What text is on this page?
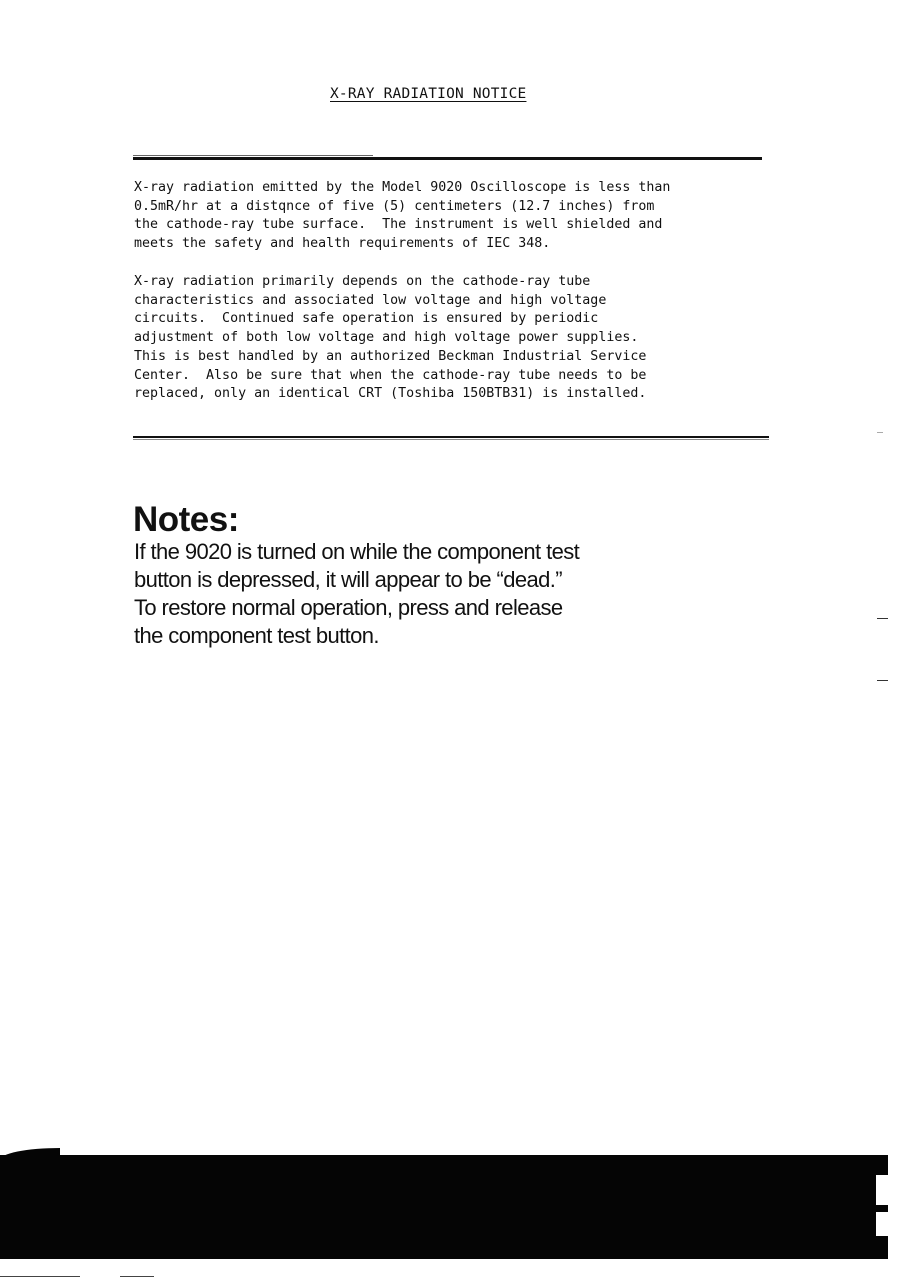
X-RAY RADIATION NOTICE

X-ray radiation emitted by the Model 9020 Oscilloscope is less than
0.5mR/hr at a distqnce of five (5) centimeters (12.7 inches) from
the cathode-ray tube surface.  The instrument is well shielded and
meets the safety and health requirements of IEC 348.

X-ray radiation primarily depends on the cathode-ray tube
characteristics and associated low voltage and high voltage
circuits.  Continued safe operation is ensured by periodic
adjustment of both low voltage and high voltage power supplies.
This is best handled by an authorized Beckman Industrial Service
Center.  Also be sure that when the cathode-ray tube needs to be
replaced, only an identical CRT (Toshiba 150BTB31) is installed.

Notes:
If the 9020 is turned on while the component test
button is depressed, it will appear to be “dead.”
To restore normal operation, press and release
the component test button.
